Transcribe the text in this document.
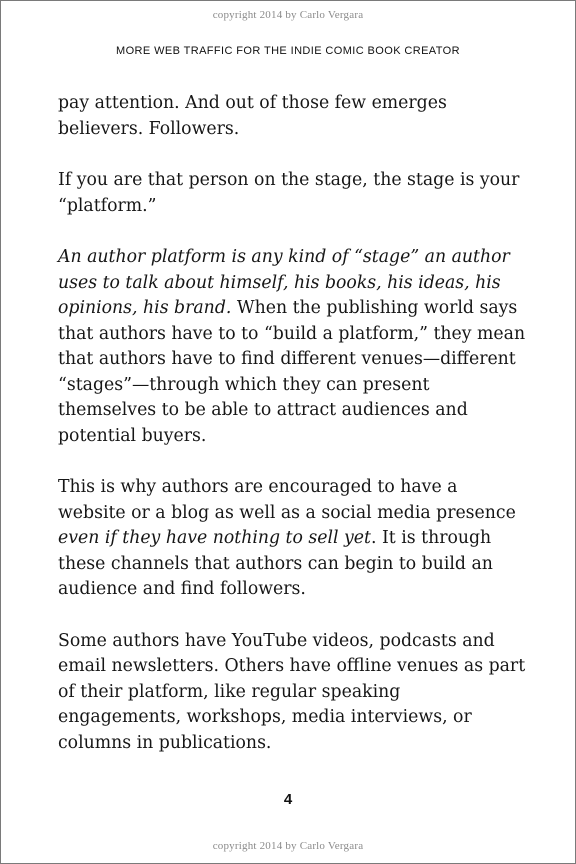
copyright 2014 by Carlo Vergara
MORE WEB TRAFFIC FOR THE INDIE COMIC BOOK CREATOR

pay attention. And out of those few emerges believers. Followers.

If you are that person on the stage, the stage is your “platform.”

An author platform is any kind of “stage” an author uses to talk about himself, his books, his ideas, his opinions, his brand. When the publishing world says that authors have to to “build a platform,” they mean that authors have to find different venues—different “stages”—through which they can present themselves to be able to attract audiences and potential buyers.

This is why authors are encouraged to have a website or a blog as well as a social media presence even if they have nothing to sell yet. It is through these channels that authors can begin to build an audience and find followers.

Some authors have YouTube videos, podcasts and email newsletters. Others have offline venues as part of their platform, like regular speaking engagements, workshops, media interviews, or columns in publications.

4
copyright 2014 by Carlo Vergara
